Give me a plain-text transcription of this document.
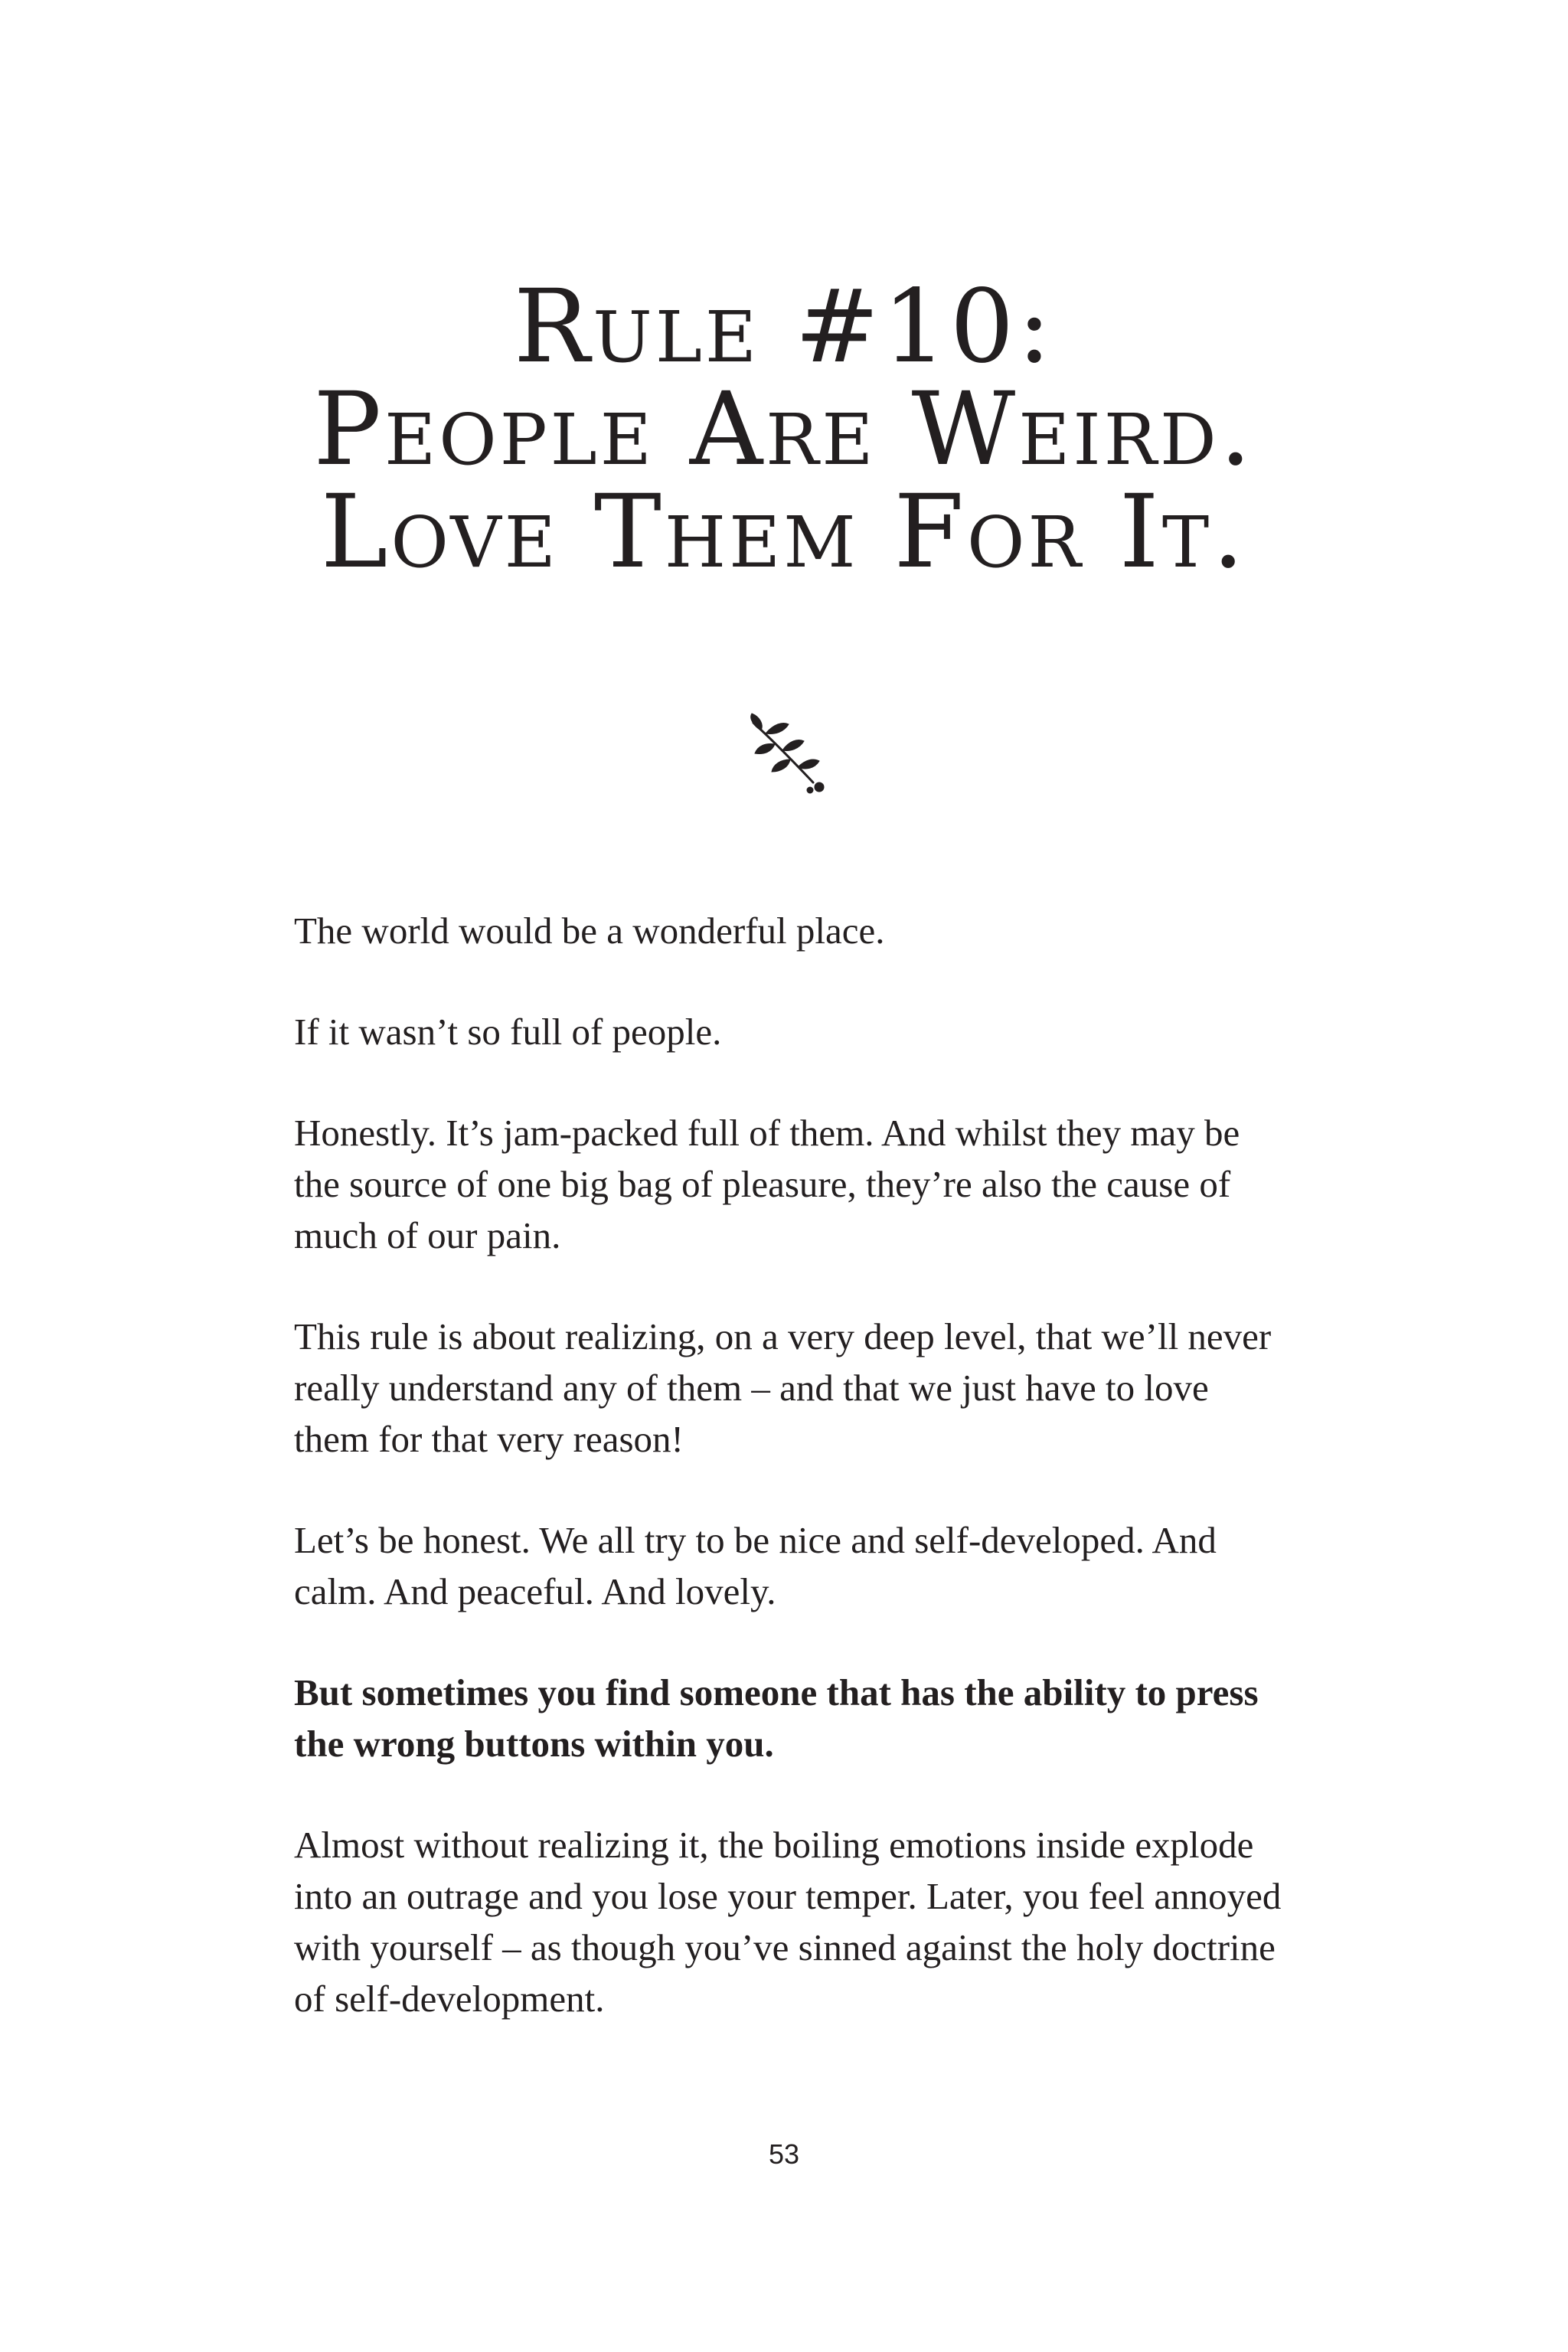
Rule #10:
People Are Weird.
Love Them For It.

The world would be a wonderful place.

If it wasn’t so full of people.

Honestly. It’s jam-packed full of them. And whilst they may be the source of one big bag of pleasure, they’re also the cause of much of our pain.

This rule is about realizing, on a very deep level, that we’ll never really understand any of them – and that we just have to love them for that very reason!

Let’s be honest. We all try to be nice and self-developed. And calm. And peaceful. And lovely.

But sometimes you find someone that has the ability to press the wrong buttons within you.

Almost without realizing it, the boiling emotions inside explode into an outrage and you lose your temper. Later, you feel annoyed with yourself – as though you’ve sinned against the holy doctrine of self-development.

53
